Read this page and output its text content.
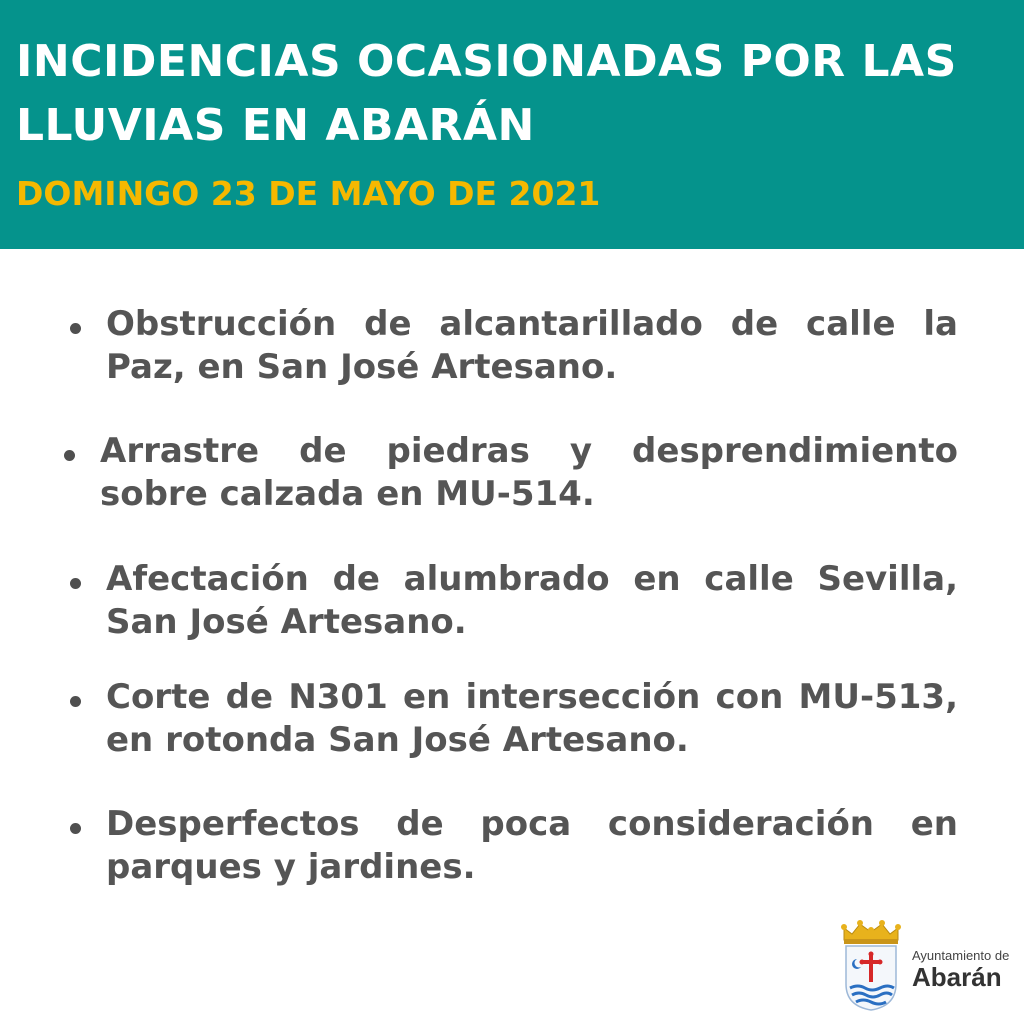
INCIDENCIAS OCASIONADAS POR LAS LLUVIAS EN ABARÁN
DOMINGO 23 DE MAYO DE 2021
Obstrucción de alcantarillado de calle la Paz, en San José Artesano.
Arrastre de piedras y desprendimiento sobre calzada en MU-514.
Afectación de alumbrado en calle Sevilla, San José Artesano.
Corte de N301 en intersección con MU-513, en rotonda San José Artesano.
Desperfectos de poca consideración en parques y jardines.
Ayuntamiento de
Abarán
